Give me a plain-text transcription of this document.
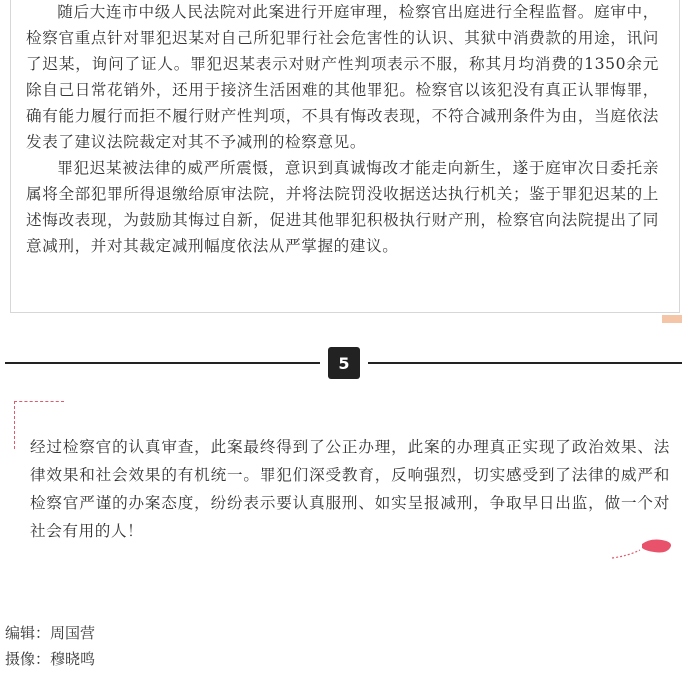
随后大连市中级人民法院对此案进行开庭审理，检察官出庭进行全程监督。庭审中，检察官重点针对罪犯迟某对自己所犯罪行社会危害性的认识、其狱中消费款的用途，讯问了迟某，询问了证人。罪犯迟某表示对财产性判项表示不服，称其月均消费的1350余元除自己日常花销外，还用于接济生活困难的其他罪犯。检察官以该犯没有真正认罪悔罪，确有能力履行而拒不履行财产性判项，不具有悔改表现，不符合减刑条件为由，当庭依法发表了建议法院裁定对其不予减刑的检察意见。

罪犯迟某被法律的威严所震慑，意识到真诚悔改才能走向新生，遂于庭审次日委托亲属将全部犯罪所得退缴给原审法院，并将法院罚没收据送达执行机关；鉴于罪犯迟某的上述悔改表现，为鼓励其悔过自新，促进其他罪犯积极执行财产刑，检察官向法院提出了同意减刑，并对其裁定减刑幅度依法从严掌握的建议。

5

经过检察官的认真审查，此案最终得到了公正办理，此案的办理真正实现了政治效果、法律效果和社会效果的有机统一。罪犯们深受教育，反响强烈，切实感受到了法律的威严和检察官严谨的办案态度，纷纷表示要认真服刑、如实呈报减刑，争取早日出监，做一个对社会有用的人！

编辑：周国营
摄像：穆晓鸣
